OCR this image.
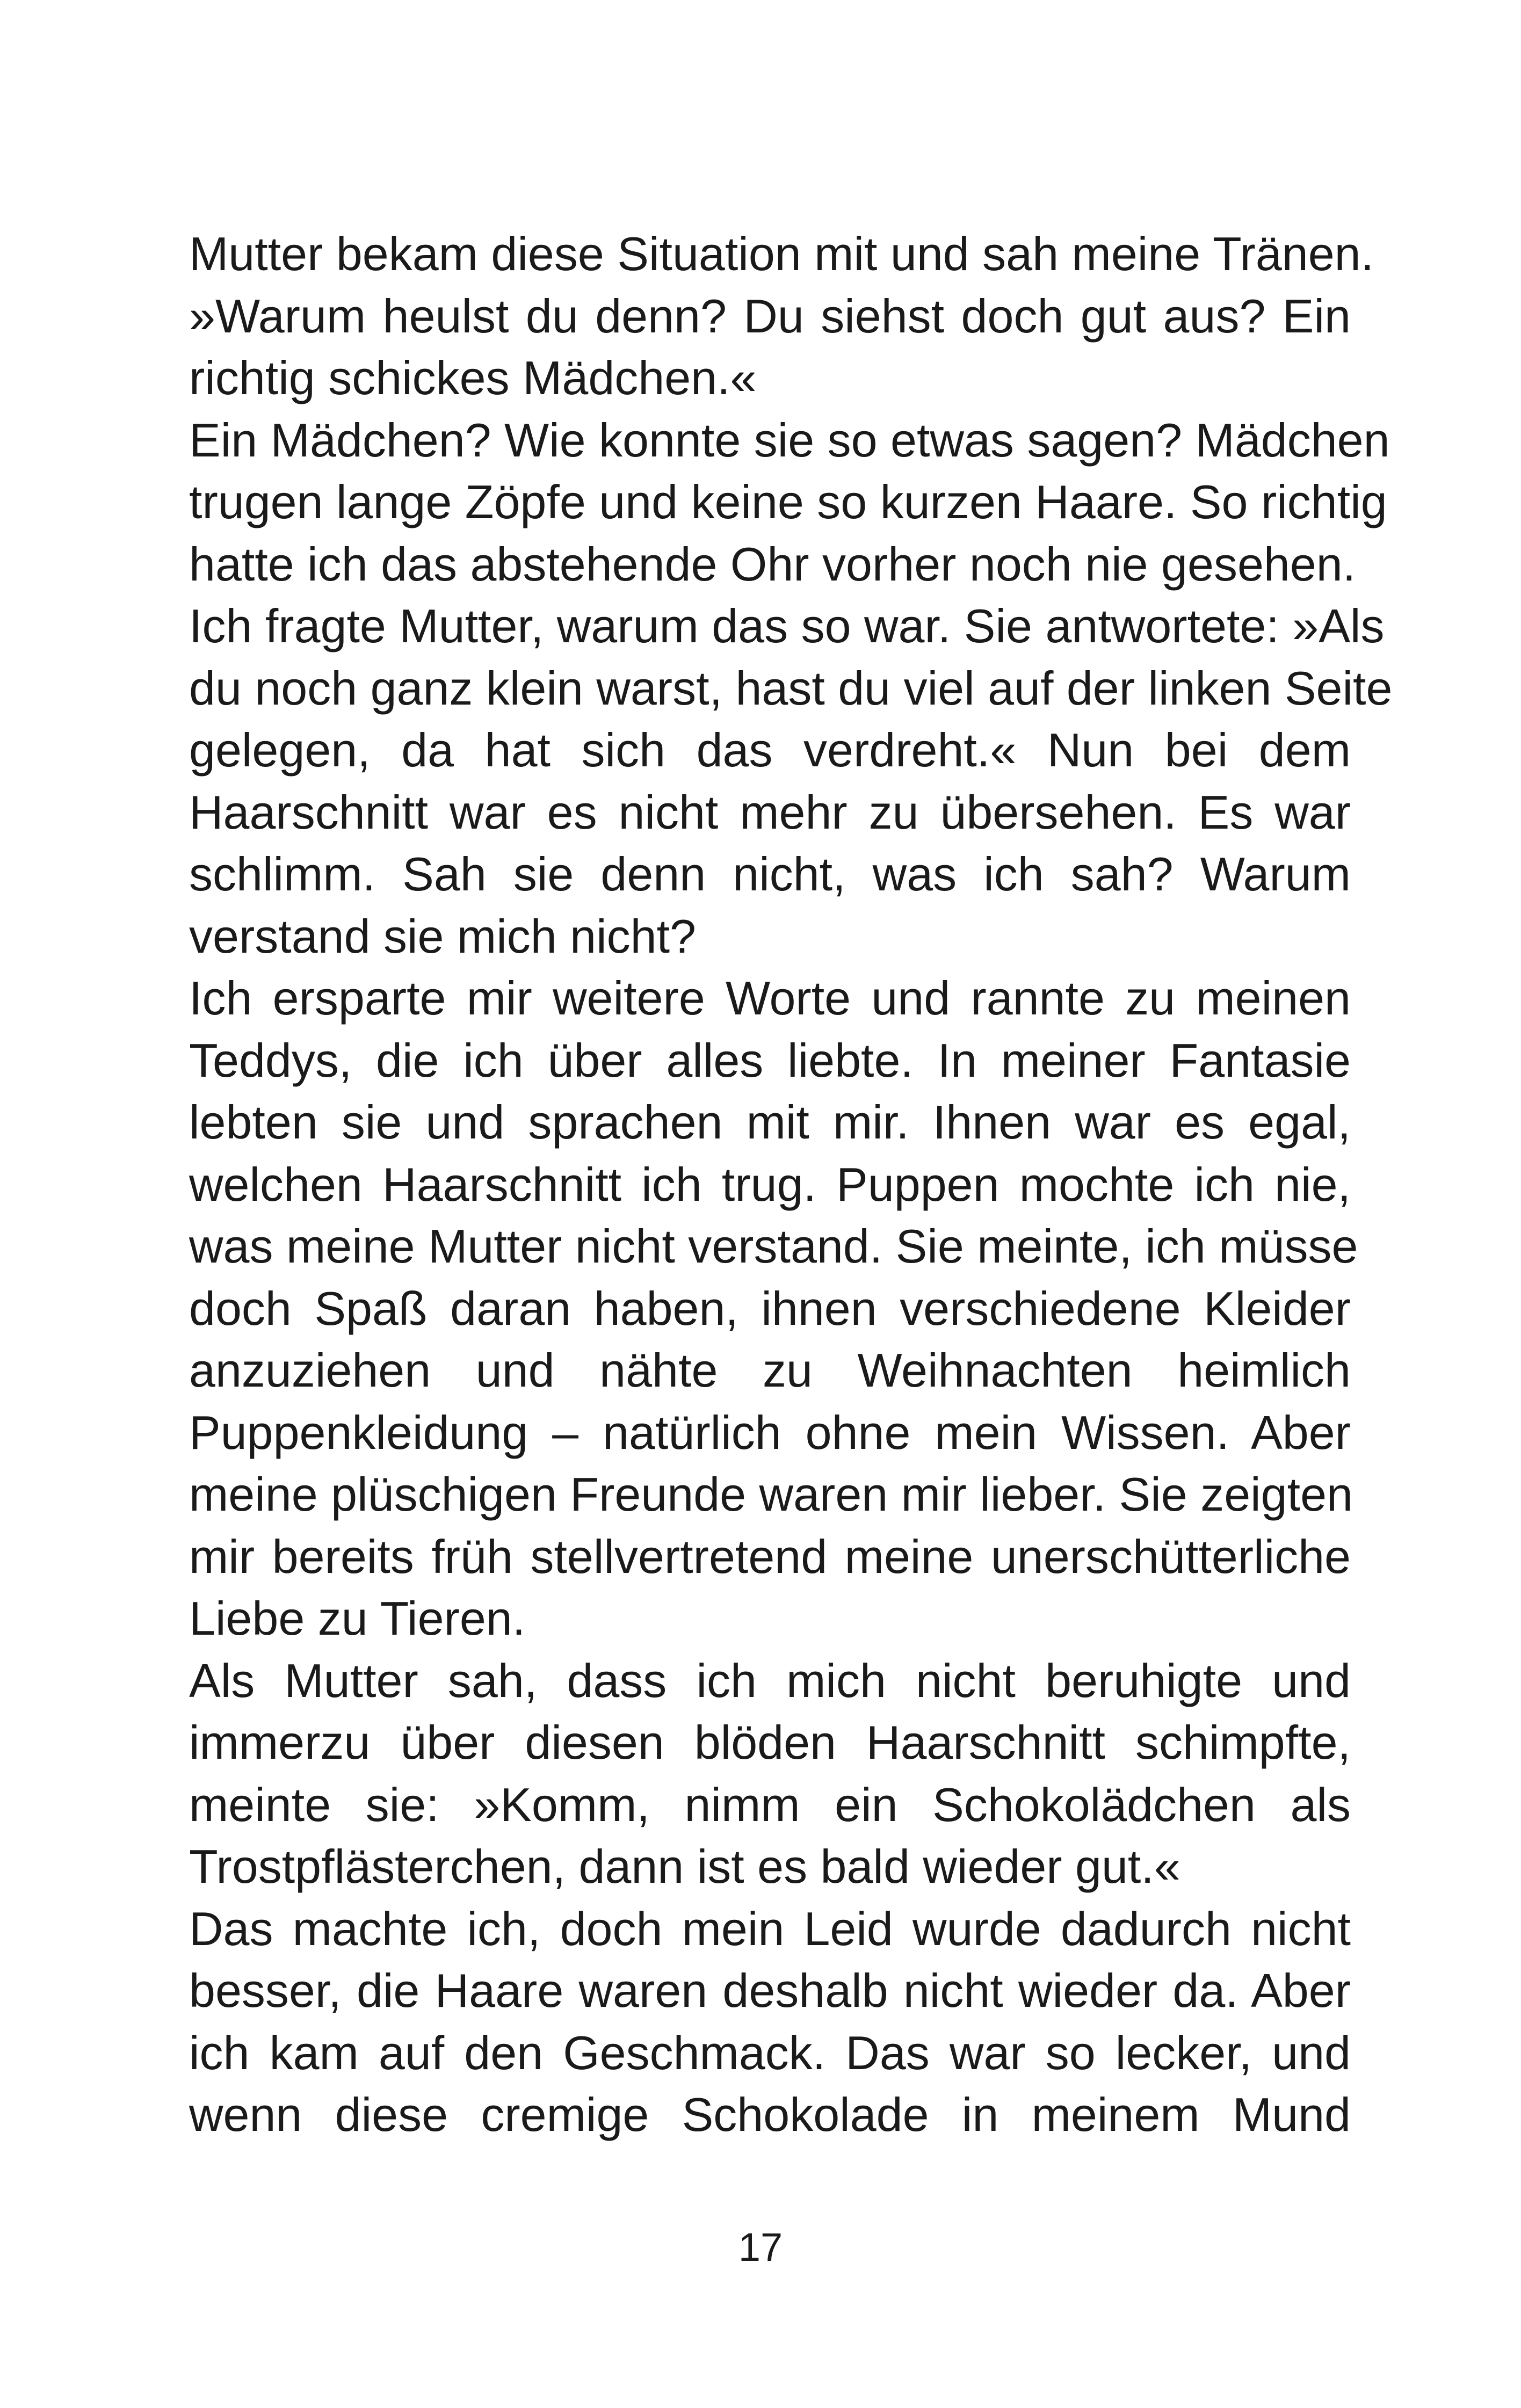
Mutter bekam diese Situation mit und sah meine Tränen.
»Warum heulst du denn? Du siehst doch gut aus? Ein
richtig schickes Mädchen.«
Ein Mädchen? Wie konnte sie so etwas sagen? Mädchen
trugen lange Zöpfe und keine so kurzen Haare. So richtig
hatte ich das abstehende Ohr vorher noch nie gesehen.
Ich fragte Mutter, warum das so war. Sie antwortete: »Als
du noch ganz klein warst, hast du viel auf der linken Seite
gelegen, da hat sich das verdreht.« Nun bei dem
Haarschnitt war es nicht mehr zu übersehen. Es war
schlimm. Sah sie denn nicht, was ich sah? Warum
verstand sie mich nicht?
Ich ersparte mir weitere Worte und rannte zu meinen
Teddys, die ich über alles liebte. In meiner Fantasie
lebten sie und sprachen mit mir. Ihnen war es egal,
welchen Haarschnitt ich trug. Puppen mochte ich nie,
was meine Mutter nicht verstand. Sie meinte, ich müsse
doch Spaß daran haben, ihnen verschiedene Kleider
anzuziehen und nähte zu Weihnachten heimlich
Puppenkleidung – natürlich ohne mein Wissen. Aber
meine plüschigen Freunde waren mir lieber. Sie zeigten
mir bereits früh stellvertretend meine unerschütterliche
Liebe zu Tieren.
Als Mutter sah, dass ich mich nicht beruhigte und
immerzu über diesen blöden Haarschnitt schimpfte,
meinte sie: »Komm, nimm ein Schokolädchen als
Trostpflästerchen, dann ist es bald wieder gut.«
Das machte ich, doch mein Leid wurde dadurch nicht
besser, die Haare waren deshalb nicht wieder da. Aber
ich kam auf den Geschmack. Das war so lecker, und
wenn diese cremige Schokolade in meinem Mund
17
